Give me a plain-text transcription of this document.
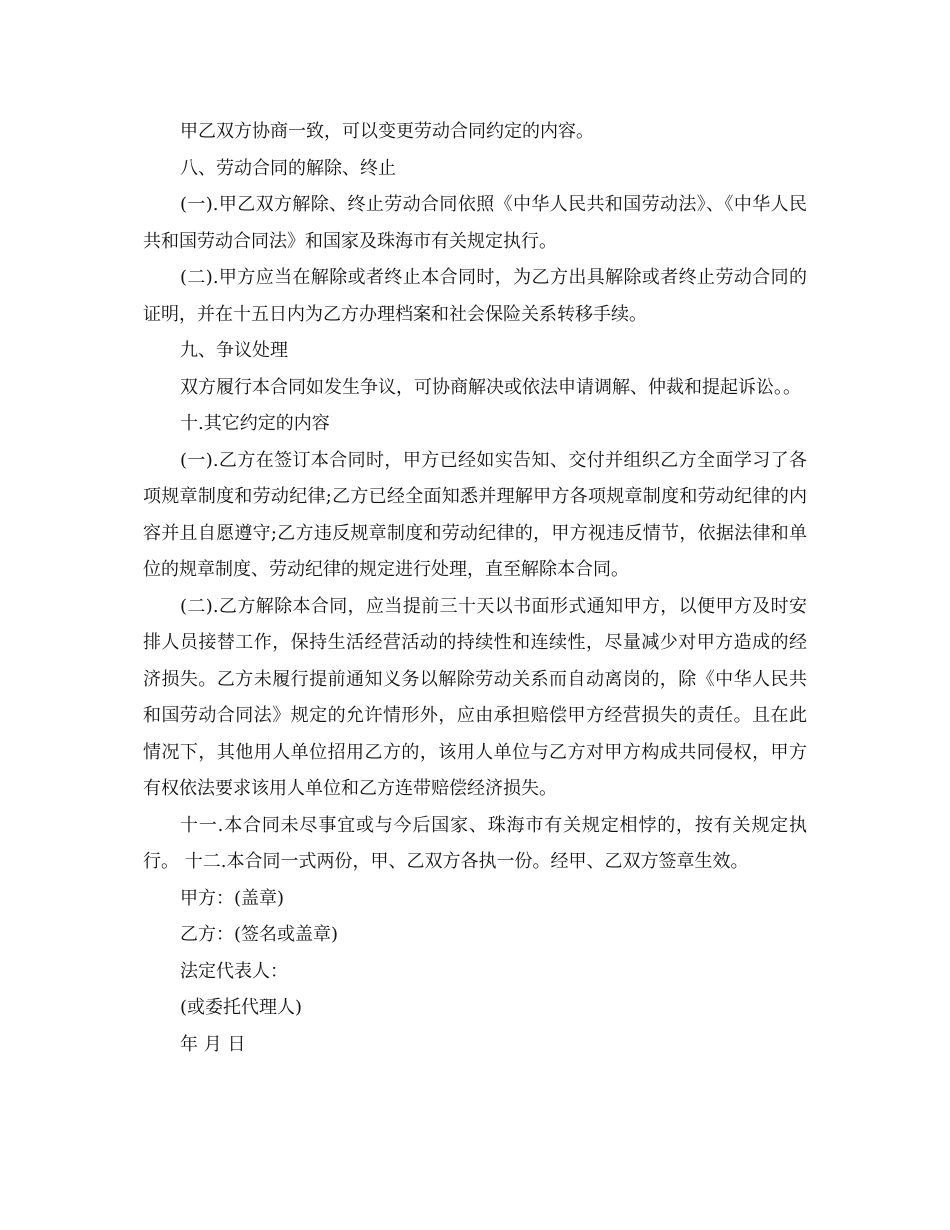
甲乙双方协商一致，可以变更劳动合同约定的内容。

八、劳动合同的解除、终止

(一).甲乙双方解除、终止劳动合同依照《中华人民共和国劳动法》、《中华人民共和国劳动合同法》和国家及珠海市有关规定执行。

(二).甲方应当在解除或者终止本合同时，为乙方出具解除或者终止劳动合同的证明，并在十五日内为乙方办理档案和社会保险关系转移手续。

九、争议处理

双方履行本合同如发生争议，可协商解决或依法申请调解、仲裁和提起诉讼。。

十.其它约定的内容

(一).乙方在签订本合同时，甲方已经如实告知、交付并组织乙方全面学习了各项规章制度和劳动纪律;乙方已经全面知悉并理解甲方各项规章制度和劳动纪律的内容并且自愿遵守;乙方违反规章制度和劳动纪律的，甲方视违反情节，依据法律和单位的规章制度、劳动纪律的规定进行处理，直至解除本合同。

(二).乙方解除本合同，应当提前三十天以书面形式通知甲方，以便甲方及时安排人员接替工作，保持生活经营活动的持续性和连续性，尽量减少对甲方造成的经济损失。乙方未履行提前通知义务以解除劳动关系而自动离岗的，除《中华人民共和国劳动合同法》规定的允许情形外，应由承担赔偿甲方经营损失的责任。且在此情况下，其他用人单位招用乙方的，该用人单位与乙方对甲方构成共同侵权，甲方有权依法要求该用人单位和乙方连带赔偿经济损失。

十一.本合同未尽事宜或与今后国家、珠海市有关规定相悖的，按有关规定执行。 十二.本合同一式两份，甲、乙双方各执一份。经甲、乙双方签章生效。

甲方：(盖章)

乙方：(签名或盖章)

法定代表人：

(或委托代理人)

年 月 日
